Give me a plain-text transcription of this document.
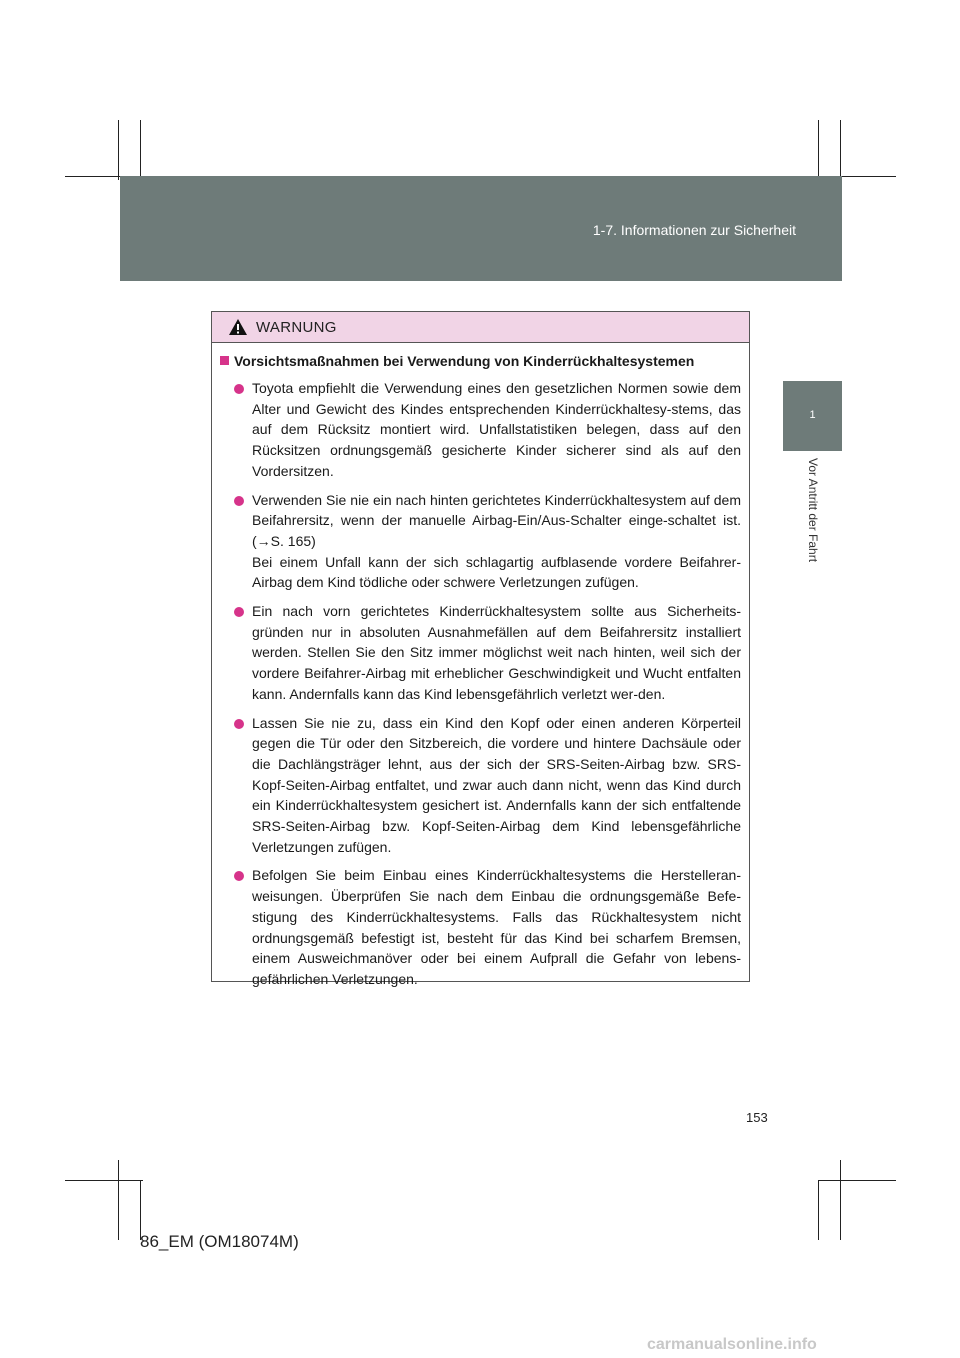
1-7. Informationen zur Sicherheit
1
Vor Antritt der Fahrt
WARNUNG
Vorsichtsmaßnahmen bei Verwendung von Kinderrückhaltesystemen
Toyota empfiehlt die Verwendung eines den gesetzlichen Normen sowie dem Alter und Gewicht des Kindes entsprechenden Kinderrückhaltesy-stems, das auf dem Rücksitz montiert wird. Unfallstatistiken belegen, dass auf den Rücksitzen ordnungsgemäß gesicherte Kinder sicherer sind als auf den Vordersitzen.
Verwenden Sie nie ein nach hinten gerichtetes Kinderrückhaltesystem auf dem Beifahrersitz, wenn der manuelle Airbag-Ein/Aus-Schalter einge-schaltet ist. (→S. 165)
Bei einem Unfall kann der sich schlagartig aufblasende vordere Beifahrer-Airbag dem Kind tödliche oder schwere Verletzungen zufügen.
Ein nach vorn gerichtetes Kinderrückhaltesystem sollte aus Sicherheits-gründen nur in absoluten Ausnahmefällen auf dem Beifahrersitz installiert werden. Stellen Sie den Sitz immer möglichst weit nach hinten, weil sich der vordere Beifahrer-Airbag mit erheblicher Geschwindigkeit und Wucht entfalten kann. Andernfalls kann das Kind lebensgefährlich verletzt wer-den.
Lassen Sie nie zu, dass ein Kind den Kopf oder einen anderen Körperteil gegen die Tür oder den Sitzbereich, die vordere und hintere Dachsäule oder die Dachlängsträger lehnt, aus der sich der SRS-Seiten-Airbag bzw. SRS-Kopf-Seiten-Airbag entfaltet, und zwar auch dann nicht, wenn das Kind durch ein Kinderrückhaltesystem gesichert ist. Andernfalls kann der sich entfaltende SRS-Seiten-Airbag bzw. Kopf-Seiten-Airbag dem Kind lebensgefährliche Verletzungen zufügen.
Befolgen Sie beim Einbau eines Kinderrückhaltesystems die Herstelleran-weisungen. Überprüfen Sie nach dem Einbau die ordnungsgemäße Befe-stigung des Kinderrückhaltesystems. Falls das Rückhaltesystem nicht ordnungsgemäß befestigt ist, besteht für das Kind bei scharfem Bremsen, einem Ausweichmanöver oder bei einem Aufprall die Gefahr von lebens-gefährlichen Verletzungen.
153
86_EM (OM18074M)
carmanualsonline.info
